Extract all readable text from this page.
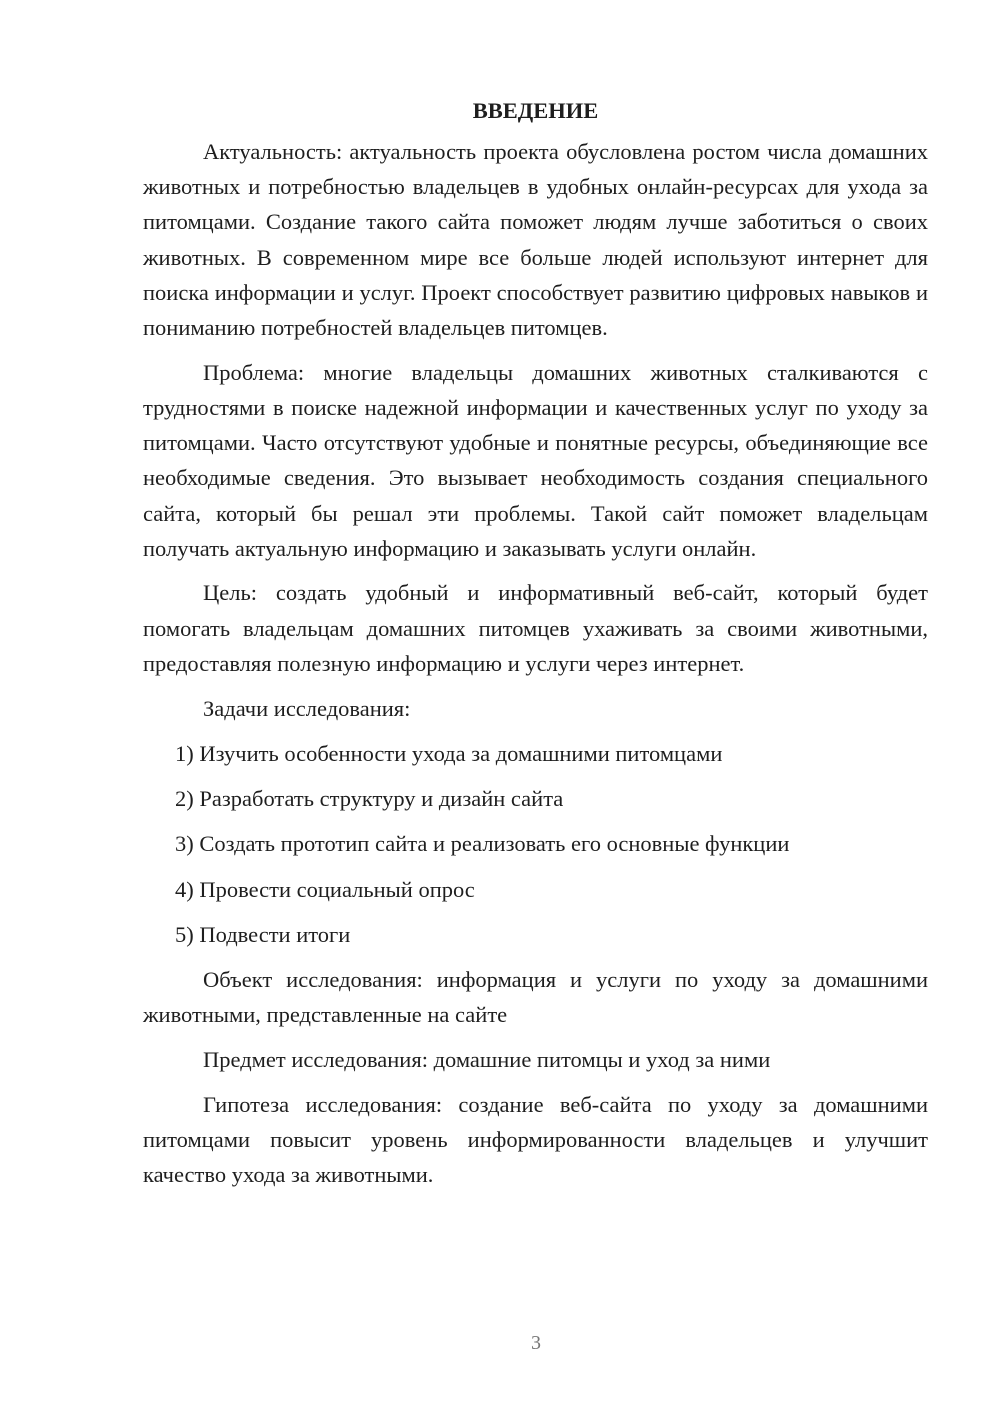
ВВЕДЕНИЕ

Актуальность: актуальность проекта обусловлена ростом числа домашних животных и потребностью владельцев в удобных онлайн-ресурсах для ухода за питомцами. Создание такого сайта поможет людям лучше заботиться о своих животных. В современном мире все больше людей используют интернет для поиска информации и услуг. Проект способствует развитию цифровых навыков и пониманию потребностей владельцев питомцев.

Проблема: многие владельцы домашних животных сталкиваются с трудностями в поиске надежной информации и качественных услуг по уходу за питомцами. Часто отсутствуют удобные и понятные ресурсы, объединяющие все необходимые сведения. Это вызывает необходимость создания специального сайта, который бы решал эти проблемы. Такой сайт поможет владельцам получать актуальную информацию и заказывать услуги онлайн.

Цель: создать удобный и информативный веб-сайт, который будет помогать владельцам домашних питомцев ухаживать за своими животными, предоставляя полезную информацию и услуги через интернет.

Задачи исследования:

1) Изучить особенности ухода за домашними питомцами
2) Разработать структуру и дизайн сайта
3) Создать прототип сайта и реализовать его основные функции
4) Провести социальный опрос
5) Подвести итоги

Объект исследования: информация и услуги по уходу за домашними животными, представленные на сайте

Предмет исследования: домашние питомцы и уход за ними

Гипотеза исследования: создание веб-сайта по уходу за домашними питомцами повысит уровень информированности владельцев и улучшит качество ухода за животными.

3
